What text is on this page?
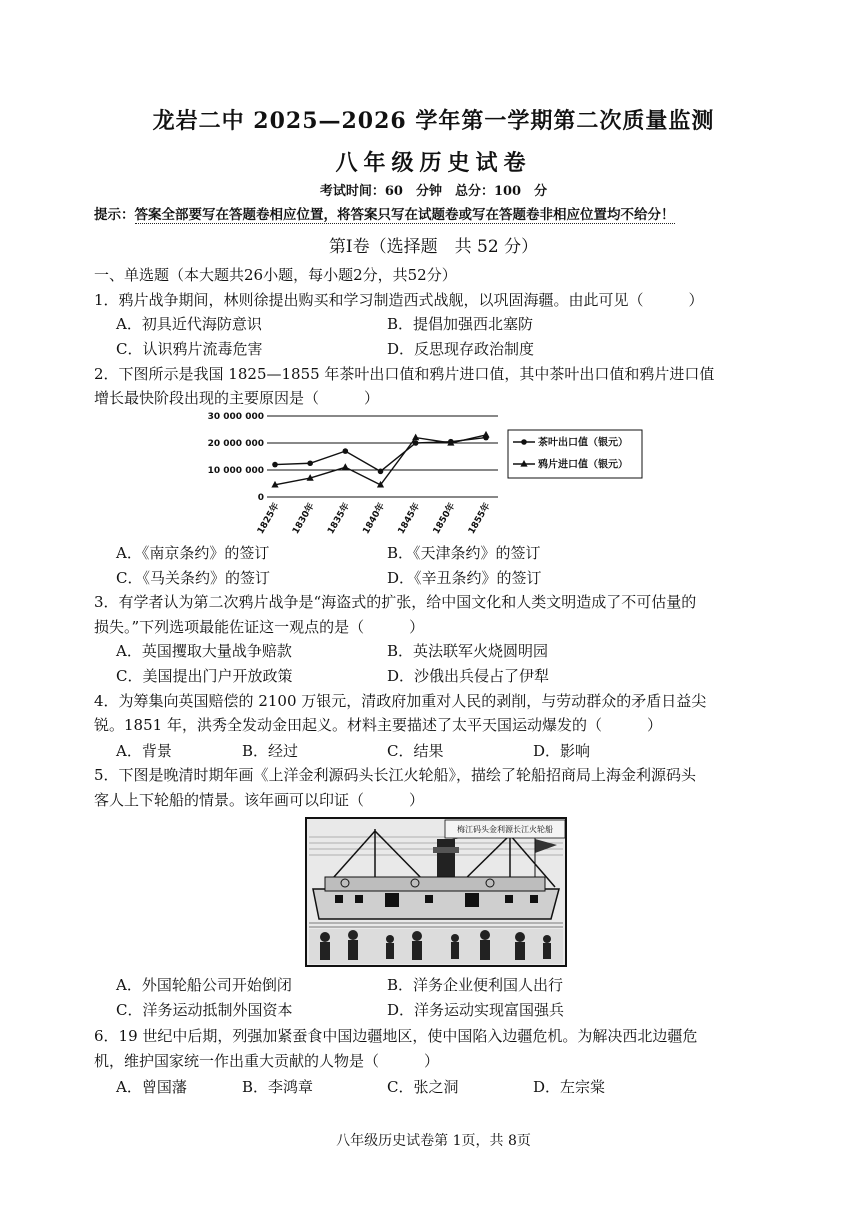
龙岩二中 2025—2026 学年第一学期第二次质量监测
八年级历史试卷
考试时间：60　分钟　总分：100　分
提示：答案全部要写在答题卷相应位置，将答案只写在试题卷或写在答题卷非相应位置均不给分！
第Ⅰ卷（选择题　共 52 分）
一、单选题（本大题共26小题，每小题2分，共52分）
1．鸦片战争期间，林则徐提出购买和学习制造西式战舰，以巩固海疆。由此可见（　　　）
A．初具近代海防意识	B．提倡加强西北塞防
C．认识鸦片流毒危害	D．反思现存政治制度
2．下图所示是我国 1825—1855 年茶叶出口值和鸦片进口值，其中茶叶出口值和鸦片进口值
增长最快阶段出现的主要原因是（　　　）
0
10 000 000
20 000 000
30 000 000
1825年 1830年 1835年 1840年 1845年 1850年 1855年
茶叶出口值（银元）
鸦片进口值（银元）
A．《南京条约》的签订	B．《天津条约》的签订
C．《马关条约》的签订	D．《辛丑条约》的签订
3．有学者认为第二次鸦片战争是“海盗式的扩张，给中国文化和人类文明造成了不可估量的
损失。”下列选项最能佐证这一观点的是（　　　）
A．英国攫取大量战争赔款	B．英法联军火烧圆明园
C．美国提出门户开放政策	D．沙俄出兵侵占了伊犁
4．为筹集向英国赔偿的 2100 万银元，清政府加重对人民的剥削，与劳动群众的矛盾日益尖
锐。1851 年，洪秀全发动金田起义。材料主要描述了太平天国运动爆发的（　　　）
A．背景	B．经过	C．结果	D．影响
5．下图是晚清时期年画《上洋金利源码头长江火轮船》，描绘了轮船招商局上海金利源码头
客人上下轮船的情景。该年画可以印证（　　　）
梅江码头金利源长江火轮船
A．外国轮船公司开始倒闭	B．洋务企业便利国人出行
C．洋务运动抵制外国资本	D．洋务运动实现富国强兵
6．19 世纪中后期，列强加紧蚕食中国边疆地区，使中国陷入边疆危机。为解决西北边疆危
机，维护国家统一作出重大贡献的人物是（　　　）
A．曾国藩	B．李鸿章	C．张之洞	D．左宗棠
八年级历史试卷第 1页，共 8页
